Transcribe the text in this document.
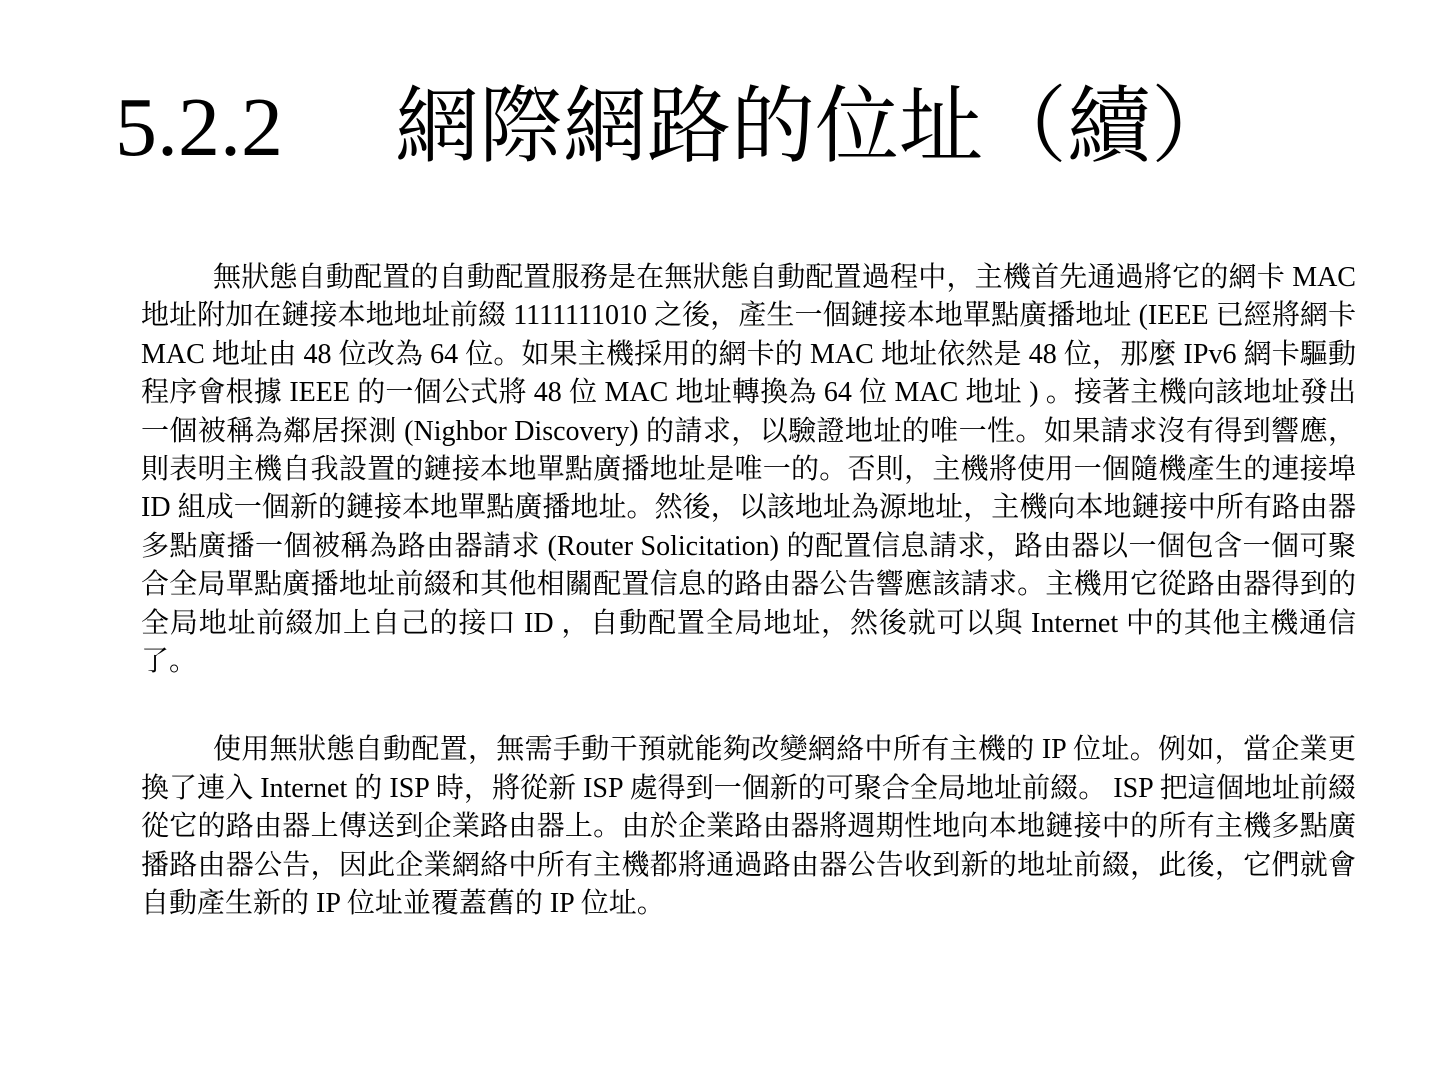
5.2.2 網際網路的位址（續）

無狀態自動配置的自動配置服務是在無狀態自動配置過程中，主機首先通過將它的網卡 MAC 地址附加在鏈接本地地址前綴 1111111010 之後，產生一個鏈接本地單點廣播地址 (IEEE 已經將網卡 MAC 地址由 48 位改為 64 位。如果主機採用的網卡的 MAC 地址依然是 48 位，那麼 IPv6 網卡驅動程序會根據 IEEE 的一個公式將 48 位 MAC 地址轉換為 64 位 MAC 地址 ) 。接著主機向該地址發出一個被稱為鄰居探測 (Nighbor Discovery) 的請求，以驗證地址的唯一性。如果請求沒有得到響應，則表明主機自我設置的鏈接本地單點廣播地址是唯一的。否則，主機將使用一個隨機產生的連接埠 ID 組成一個新的鏈接本地單點廣播地址。然後，以該地址為源地址，主機向本地鏈接中所有路由器多點廣播一個被稱為路由器請求 (Router Solicitation) 的配置信息請求，路由器以一個包含一個可聚合全局單點廣播地址前綴和其他相關配置信息的路由器公告響應該請求。主機用它從路由器得到的全局地址前綴加上自己的接口 ID ，自動配置全局地址，然後就可以與 Internet 中的其他主機通信了。

使用無狀態自動配置，無需手動干預就能夠改變網絡中所有主機的 IP 位址。例如，當企業更換了連入 Internet 的 ISP 時，將從新 ISP 處得到一個新的可聚合全局地址前綴。 ISP 把這個地址前綴從它的路由器上傳送到企業路由器上。由於企業路由器將週期性地向本地鏈接中的所有主機多點廣播路由器公告，因此企業網絡中所有主機都將通過路由器公告收到新的地址前綴，此後，它們就會自動產生新的 IP 位址並覆蓋舊的 IP 位址。
